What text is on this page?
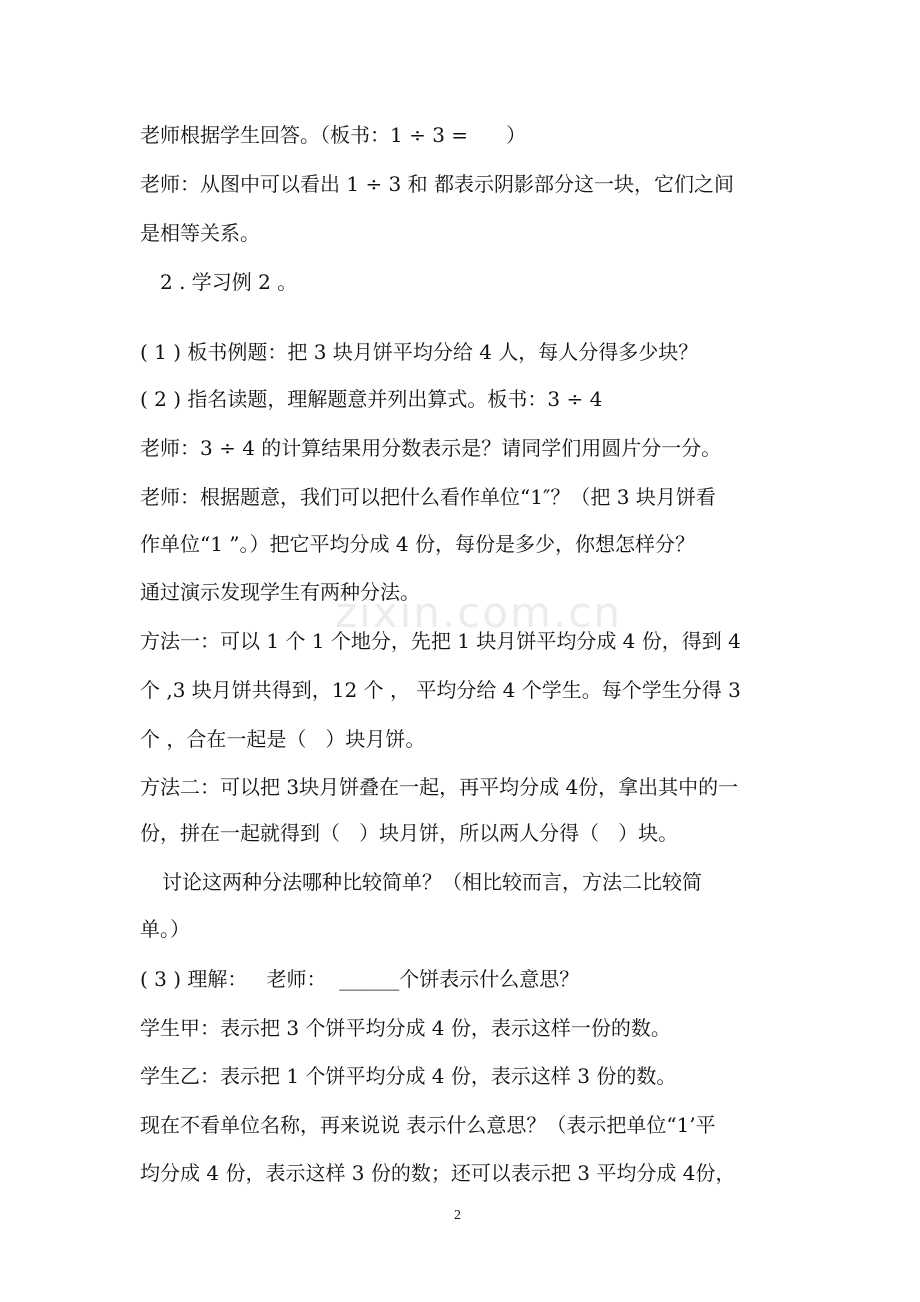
zixin.com.cn
老师根据学生回答。（板书：1 ÷ 3 =      ）
老师：从图中可以看出 1 ÷ 3 和 都表示阴影部分这一块，它们之间
是相等关系。
2 . 学习例 2 。
( 1 ) 板书例题：把 3 块月饼平均分给 4 人，每人分得多少块？
( 2 ) 指名读题，理解题意并列出算式。板书：3 ÷ 4
老师：3 ÷ 4 的计算结果用分数表示是？请同学们用圆片分一分。
老师：根据题意，我们可以把什么看作单位“1″？（把 3 块月饼看
作单位“1 ”。）把它平均分成 4 份，每份是多少，你想怎样分？
通过演示发现学生有两种分法。
方法一：可以 1 个 1 个地分，先把 1 块月饼平均分成 4 份，得到 4
个 ,3 块月饼共得到，12 个 ， 平均分给 4 个学生。每个学生分得 3
个 ，合在一起是（   ）块月饼。
方法二：可以把 3块月饼叠在一起，再平均分成 4份，拿出其中的一
份，拼在一起就得到（   ）块月饼，所以两人分得（   ）块。
讨论这两种分法哪种比较简单？（相比较而言，方法二比较简
单。）
( 3 ) 理解：   老师：  ______个饼表示什么意思？
学生甲：表示把 3 个饼平均分成 4 份，表示这样一份的数。
学生乙：表示把 1 个饼平均分成 4 份，表示这样 3 份的数。
现在不看单位名称，再来说说 表示什么意思？（表示把单位“1’平
均分成 4 份，表示这样 3 份的数；还可以表示把 3 平均分成 4份，
2
